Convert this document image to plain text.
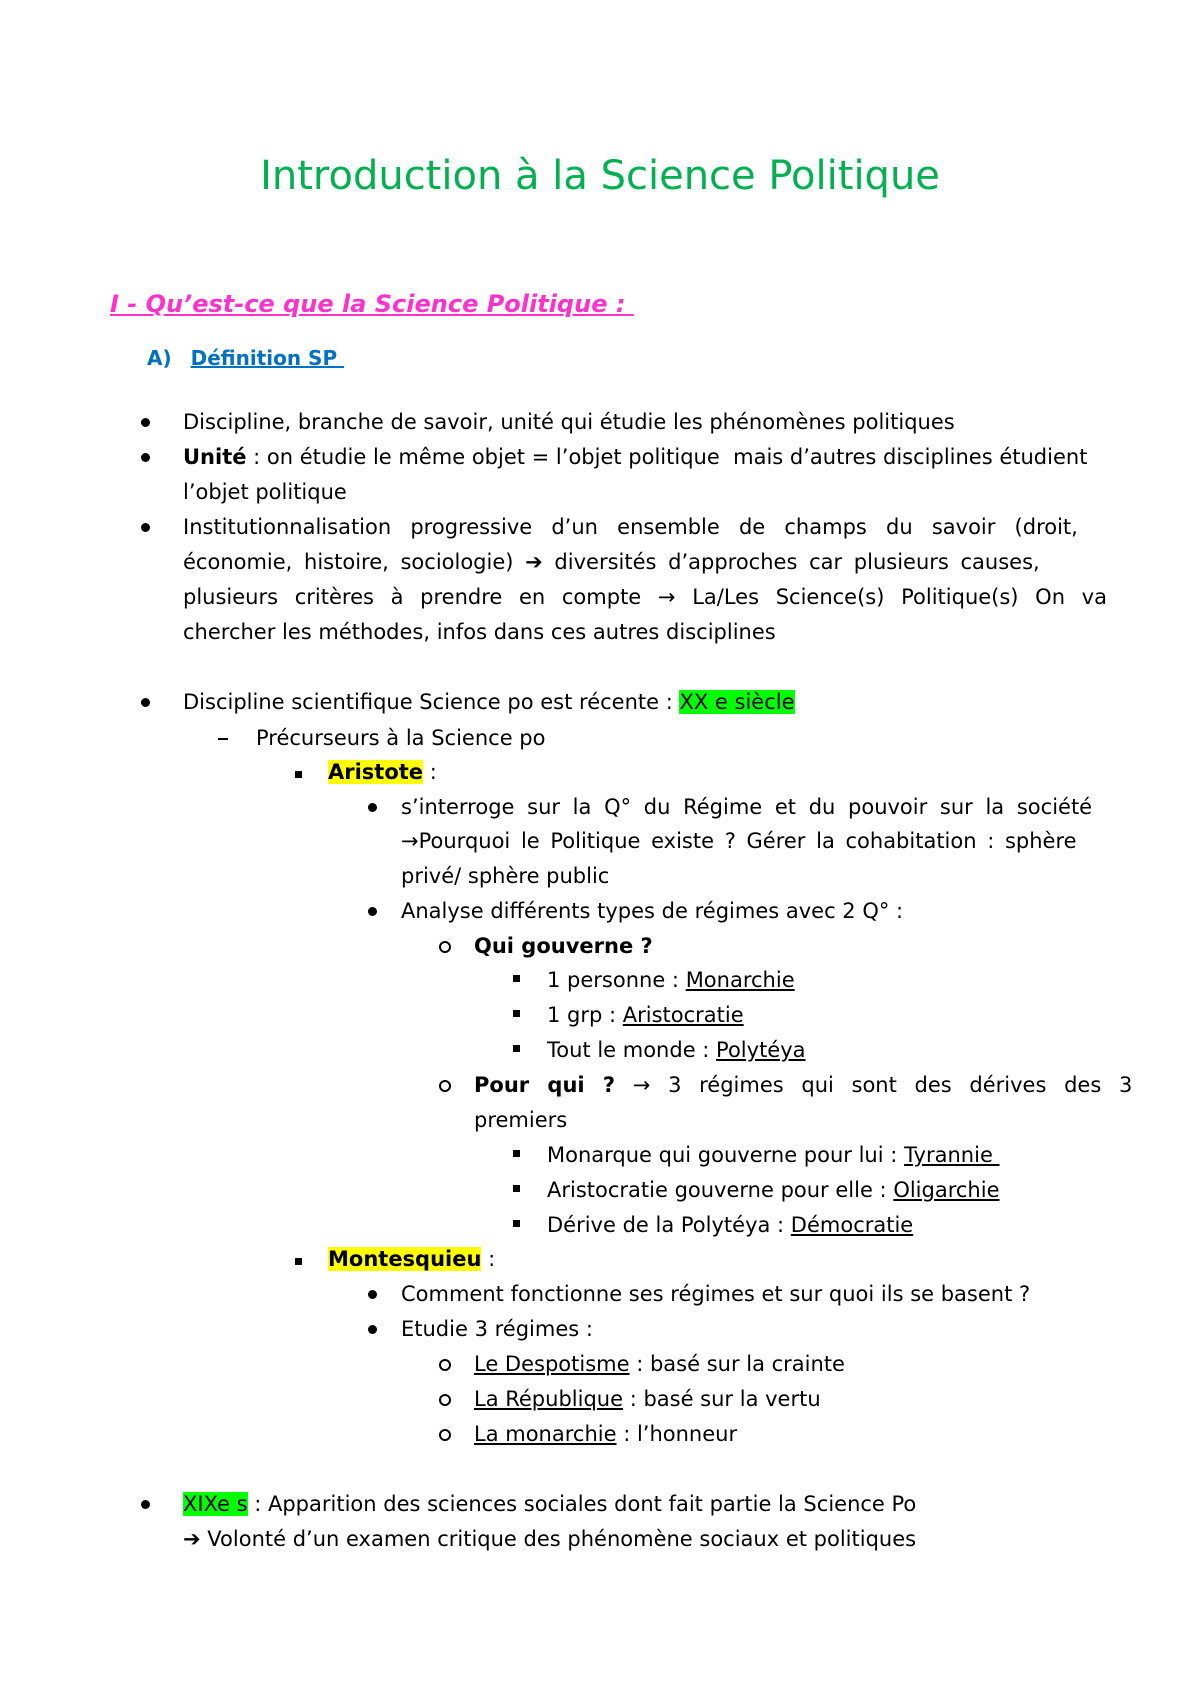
Introduction à la Science Politique
I - Qu’est-ce que la Science Politique :
A) Définition SP
Discipline, branche de savoir, unité qui étudie les phénomènes politiques
Unité : on étudie le même objet = l’objet politique  mais d’autres disciplines étudient
l’objet politique
Institutionnalisation progressive d’un ensemble de champs du savoir (droit,
économie, histoire, sociologie) ➔ diversités d’approches car plusieurs causes,
plusieurs critères à prendre en compte → La/Les Science(s) Politique(s) On va
chercher les méthodes, infos dans ces autres disciplines
Discipline scientifique Science po est récente : XX e siècle
Précurseurs à la Science po
Aristote :
s’interroge sur la Q° du Régime et du pouvoir sur la société
→Pourquoi le Politique existe ? Gérer la cohabitation : sphère
privé/ sphère public
Analyse différents types de régimes avec 2 Q° :
Qui gouverne ?
1 personne : Monarchie
1 grp : Aristocratie
Tout le monde : Polytéya
Pour qui ? → 3 régimes qui sont des dérives des 3
premiers
Monarque qui gouverne pour lui : Tyrannie
Aristocratie gouverne pour elle : Oligarchie
Dérive de la Polytéya : Démocratie
Montesquieu :
Comment fonctionne ses régimes et sur quoi ils se basent ?
Etudie 3 régimes :
Le Despotisme : basé sur la crainte
La République : basé sur la vertu
La monarchie : l’honneur
XIXe s : Apparition des sciences sociales dont fait partie la Science Po
➔ Volonté d’un examen critique des phénomène sociaux et politiques
